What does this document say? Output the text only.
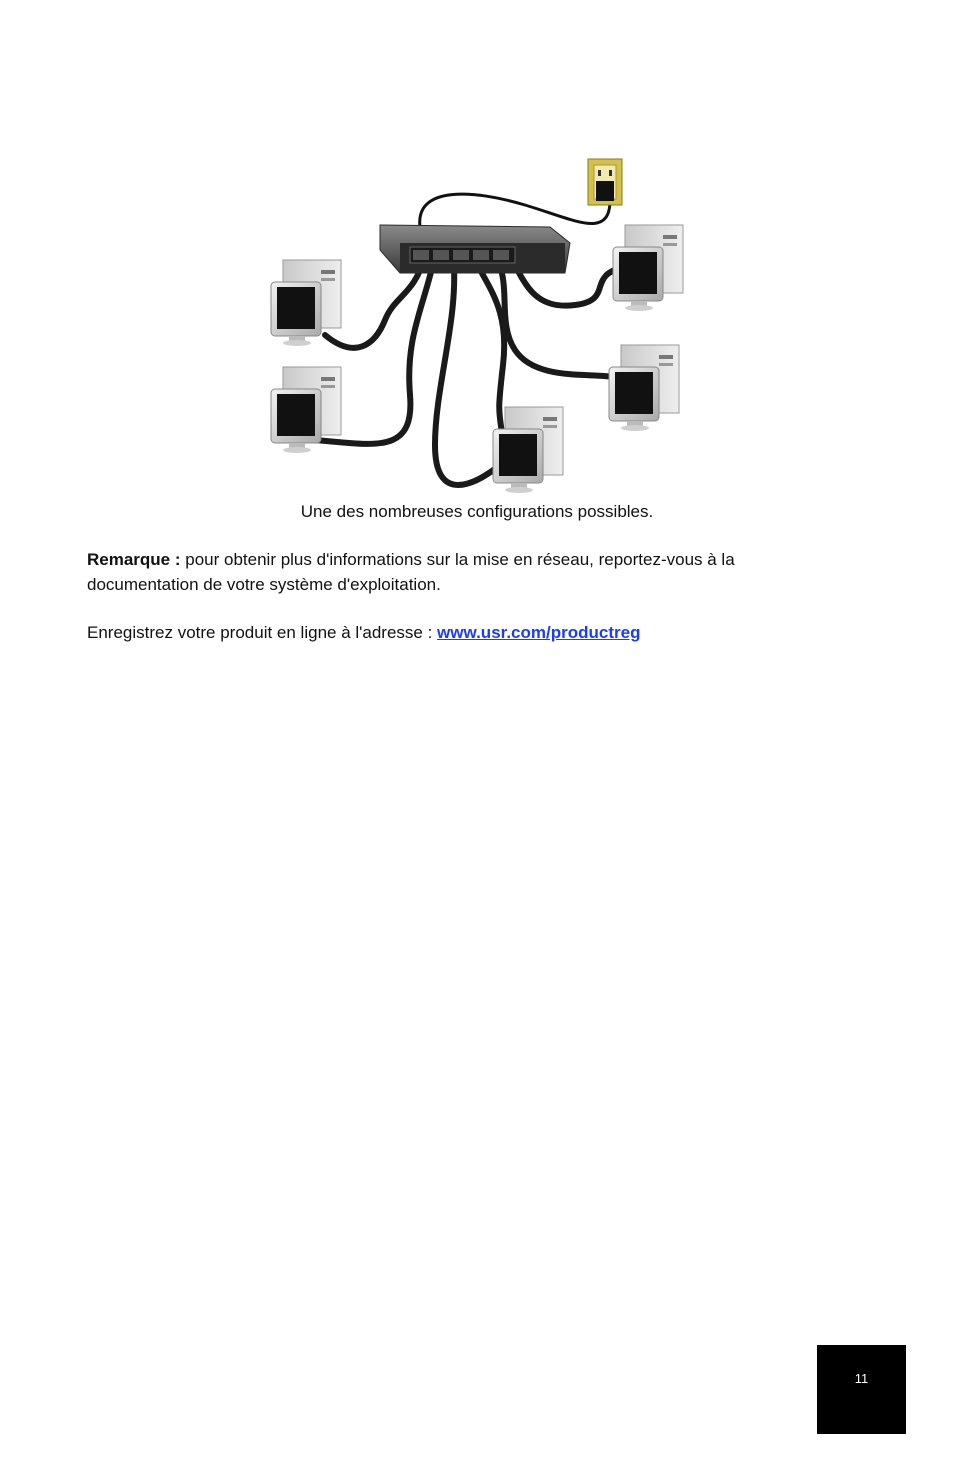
Une des nombreuses configurations possibles.
Remarque : pour obtenir plus d'informations sur la mise en réseau, reportez-vous à la documentation de votre système d'exploitation.
Enregistrez votre produit en ligne à l'adresse : www.usr.com/productreg
11
